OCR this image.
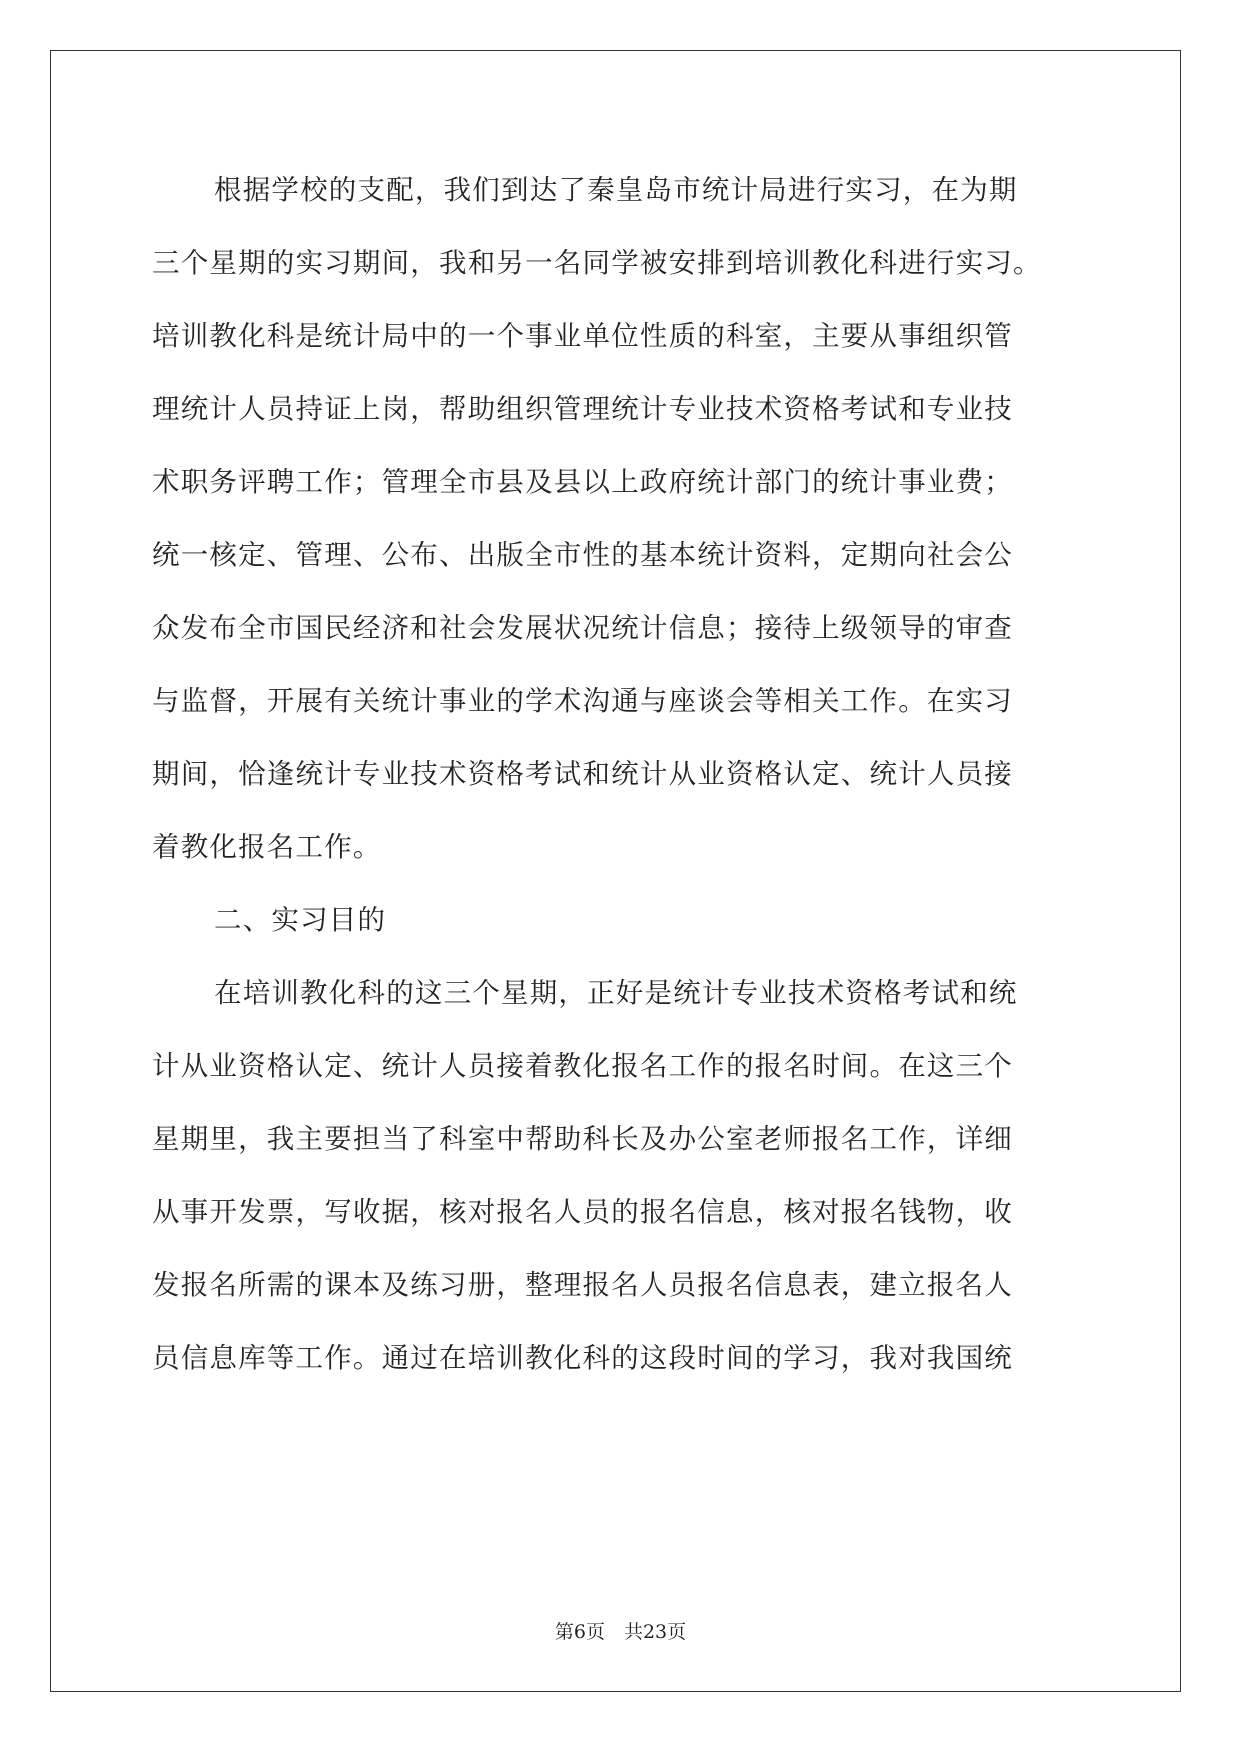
根据学校的支配，我们到达了秦皇岛市统计局进行实习，在为期
三个星期的实习期间，我和另一名同学被安排到培训教化科进行实习。
培训教化科是统计局中的一个事业单位性质的科室，主要从事组织管
理统计人员持证上岗，帮助组织管理统计专业技术资格考试和专业技
术职务评聘工作；管理全市县及县以上政府统计部门的统计事业费；
统一核定、管理、公布、出版全市性的基本统计资料，定期向社会公
众发布全市国民经济和社会发展状况统计信息；接待上级领导的审查
与监督，开展有关统计事业的学术沟通与座谈会等相关工作。在实习
期间，恰逢统计专业技术资格考试和统计从业资格认定、统计人员接
着教化报名工作。
二、实习目的
在培训教化科的这三个星期，正好是统计专业技术资格考试和统
计从业资格认定、统计人员接着教化报名工作的报名时间。在这三个
星期里，我主要担当了科室中帮助科长及办公室老师报名工作，详细
从事开发票，写收据，核对报名人员的报名信息，核对报名钱物，收
发报名所需的课本及练习册，整理报名人员报名信息表，建立报名人
员信息库等工作。通过在培训教化科的这段时间的学习，我对我国统
第6页　共23页
